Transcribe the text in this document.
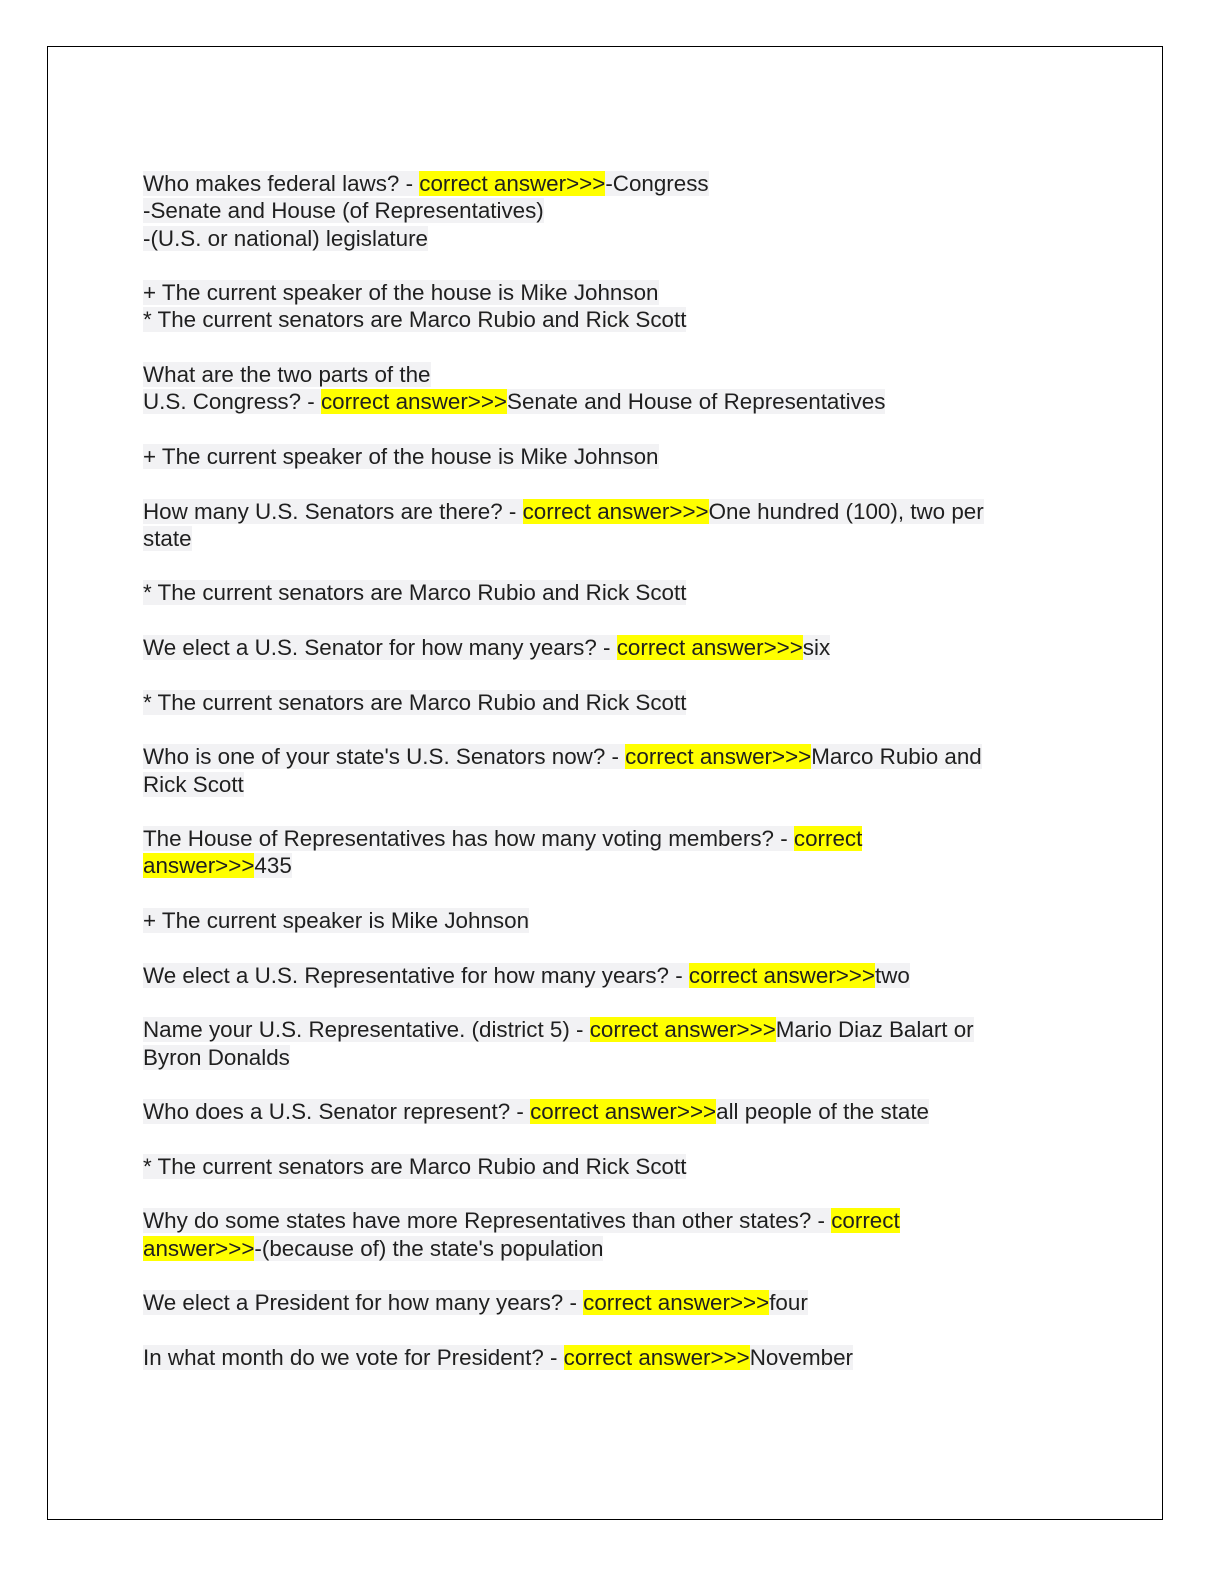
Who makes federal laws? - correct answer>>>-Congress
-Senate and House (of Representatives)
-(U.S. or national) legislature
+ The current speaker of the house is Mike Johnson
* The current senators are Marco Rubio and Rick Scott
What are the two parts of the
U.S. Congress? - correct answer>>>Senate and House of Representatives
+ The current speaker of the house is Mike Johnson
How many U.S. Senators are there? - correct answer>>>One hundred (100), two per
state
* The current senators are Marco Rubio and Rick Scott
We elect a U.S. Senator for how many years? - correct answer>>>six
* The current senators are Marco Rubio and Rick Scott
Who is one of your state's U.S. Senators now? - correct answer>>>Marco Rubio and
Rick Scott
The House of Representatives has how many voting members? - correct
answer>>>435
+ The current speaker is Mike Johnson
We elect a U.S. Representative for how many years? - correct answer>>>two
Name your U.S. Representative. (district 5) - correct answer>>>Mario Diaz Balart or
Byron Donalds
Who does a U.S. Senator represent? - correct answer>>>all people of the state
* The current senators are Marco Rubio and Rick Scott
Why do some states have more Representatives than other states? - correct
answer>>>-(because of) the state's population
We elect a President for how many years? - correct answer>>>four
In what month do we vote for President? - correct answer>>>November
